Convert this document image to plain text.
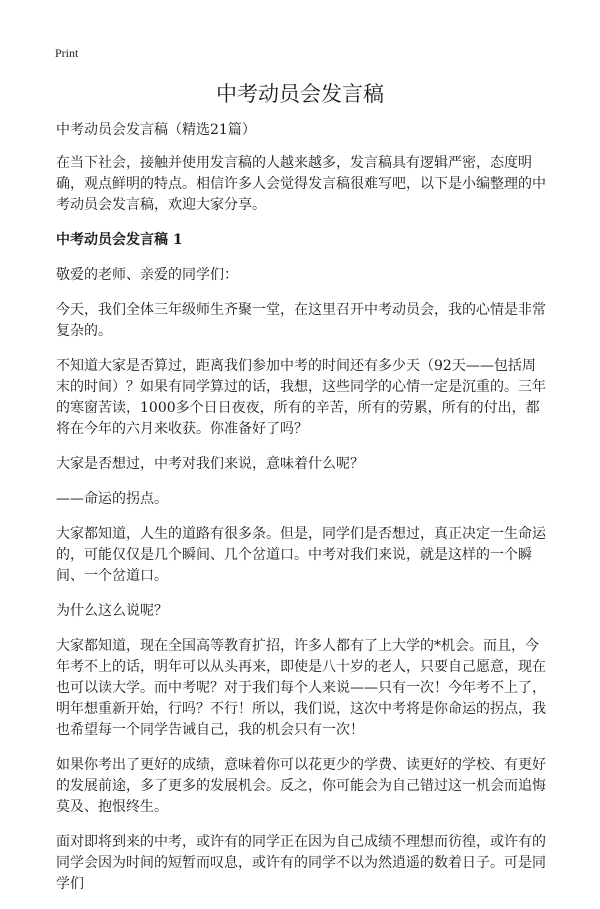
Print
中考动员会发言稿

中考动员会发言稿（精选21篇）

在当下社会，接触并使用发言稿的人越来越多，发言稿具有逻辑严密，态度明确，观点鲜明的特点。相信许多人会觉得发言稿很难写吧，以下是小编整理的中考动员会发言稿，欢迎大家分享。

中考动员会发言稿 1

敬爱的老师、亲爱的同学们：

今天，我们全体三年级师生齐聚一堂，在这里召开中考动员会，我的心情是非常复杂的。

不知道大家是否算过，距离我们参加中考的时间还有多少天（92天——包括周末的时间）？如果有同学算过的话，我想，这些同学的心情一定是沉重的。三年的寒窗苦读，1000多个日日夜夜，所有的辛苦，所有的劳累，所有的付出，都将在今年的六月来收获。你准备好了吗？

大家是否想过，中考对我们来说，意味着什么呢？

——命运的拐点。

大家都知道，人生的道路有很多条。但是，同学们是否想过，真正决定一生命运的，可能仅仅是几个瞬间、几个岔道口。中考对我们来说，就是这样的一个瞬间、一个岔道口。

为什么这么说呢？

大家都知道，现在全国高等教育扩招，许多人都有了上大学的*机会。而且，今年考不上的话，明年可以从头再来，即使是八十岁的老人，只要自己愿意，现在也可以读大学。而中考呢？对于我们每个人来说——只有一次！今年考不上了，明年想重新开始，行吗？不行！所以，我们说，这次中考将是你命运的拐点，我也希望每一个同学告诫自己，我的机会只有一次！

如果你考出了更好的成绩，意味着你可以花更少的学费、读更好的学校、有更好的发展前途，多了更多的发展机会。反之，你可能会为自己错过这一机会而追悔莫及、抱恨终生。

面对即将到来的中考，或许有的同学正在因为自己成绩不理想而彷徨，或许有的同学会因为时间的短暂而叹息，或许有的同学不以为然逍遥的数着日子。可是同学们
